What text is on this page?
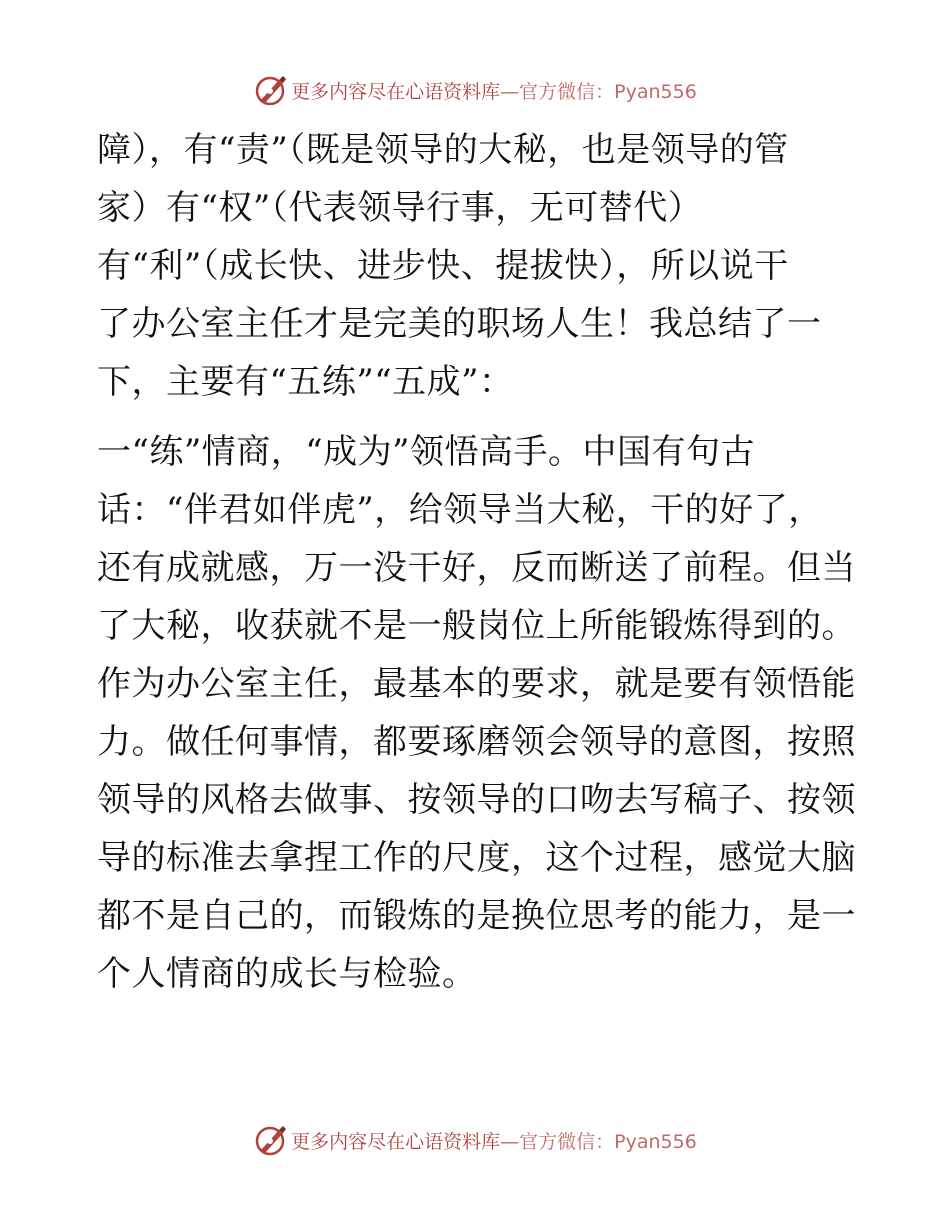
更多内容尽在心语资料库—官方微信：Pyan556
障），有“责”（既是领导的大秘，也是领导的管
家）有“权”（代表领导行事，无可替代）
有“利”（成长快、进步快、提拔快），所以说干
了办公室主任才是完美的职场人生！我总结了一
下，主要有“五练”“五成”：
一“练”情商，“成为”领悟高手。中国有句古
话：“伴君如伴虎”，给领导当大秘，干的好了，
还有成就感，万一没干好，反而断送了前程。但当
了大秘，收获就不是一般岗位上所能锻炼得到的。
作为办公室主任，最基本的要求，就是要有领悟能
力。做任何事情，都要琢磨领会领导的意图，按照
领导的风格去做事、按领导的口吻去写稿子、按领
导的标准去拿捏工作的尺度，这个过程，感觉大脑
都不是自己的，而锻炼的是换位思考的能力，是一
个人情商的成长与检验。
更多内容尽在心语资料库—官方微信：Pyan556
